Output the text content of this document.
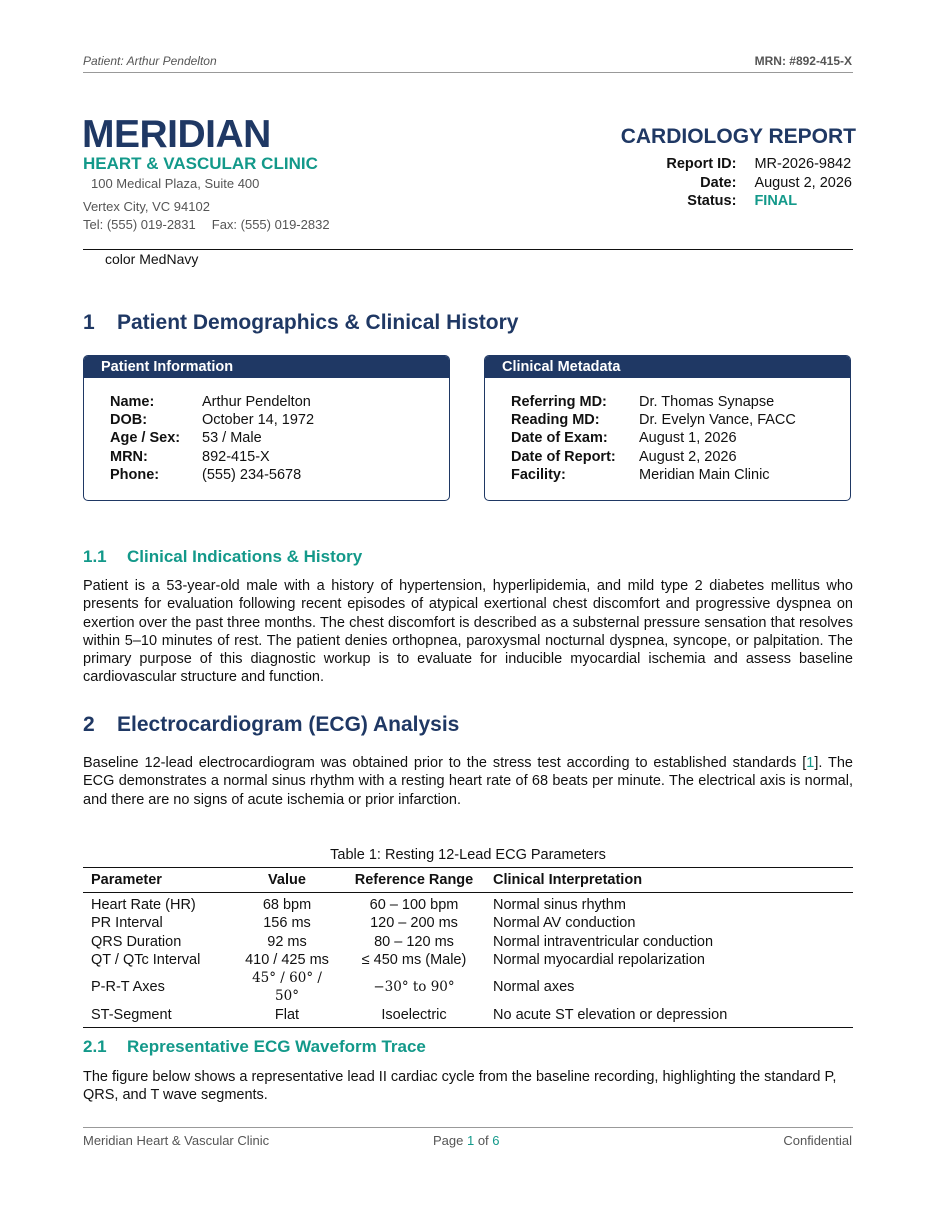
Patient: Arthur Pendelton	MRN: #892-415-X
MERIDIAN
HEART & VASCULAR CLINIC
100 Medical Plaza, Suite 400
Vertex City, VC 94102
Tel: (555) 019-2831 Fax: (555) 019-2832
CARDIOLOGY REPORT
Report ID:	MR-2026-9842
Date:	August 2, 2026
Status:	FINAL
color MedNavy
1 Patient Demographics & Clinical History
Patient Information
Name:	Arthur Pendelton
DOB:	October 14, 1972
Age / Sex:	53 / Male
MRN:	892-415-X
Phone:	(555) 234-5678
Clinical Metadata
Referring MD:	Dr. Thomas Synapse
Reading MD:	Dr. Evelyn Vance, FACC
Date of Exam:	August 1, 2026
Date of Report:	August 2, 2026
Facility:	Meridian Main Clinic
1.1 Clinical Indications & History
Patient is a 53-year-old male with a history of hypertension, hyperlipidemia, and mild type 2 diabetes mellitus who presents for evaluation following recent episodes of atypical exertional chest discomfort and progressive dyspnea on exertion over the past three months. The chest discomfort is described as a substernal pressure sensation that resolves within 5–10 minutes of rest. The patient denies orthopnea, paroxysmal nocturnal dyspnea, syncope, or palpitation. The primary purpose of this diagnostic workup is to evaluate for inducible myocardial ischemia and assess baseline cardiovascular structure and function.
2 Electrocardiogram (ECG) Analysis
Baseline 12-lead electrocardiogram was obtained prior to the stress test according to established standards [1]. The ECG demonstrates a normal sinus rhythm with a resting heart rate of 68 beats per minute. The electrical axis is normal, and there are no signs of acute ischemia or prior infarction.
Table 1: Resting 12-Lead ECG Parameters
Parameter	Value	Reference Range	Clinical Interpretation
Heart Rate (HR)	68 bpm	60 – 100 bpm	Normal sinus rhythm
PR Interval	156 ms	120 – 200 ms	Normal AV conduction
QRS Duration	92 ms	80 – 120 ms	Normal intraventricular conduction
QT / QTc Interval	410 / 425 ms	≤ 450 ms (Male)	Normal myocardial repolarization
P-R-T Axes	45° / 60° / 50°	−30° to 90°	Normal axes
ST-Segment	Flat	Isoelectric	No acute ST elevation or depression
2.1 Representative ECG Waveform Trace
The figure below shows a representative lead II cardiac cycle from the baseline recording, highlighting the standard P, QRS, and T wave segments.
Meridian Heart & Vascular Clinic	Page 1 of 6	Confidential
